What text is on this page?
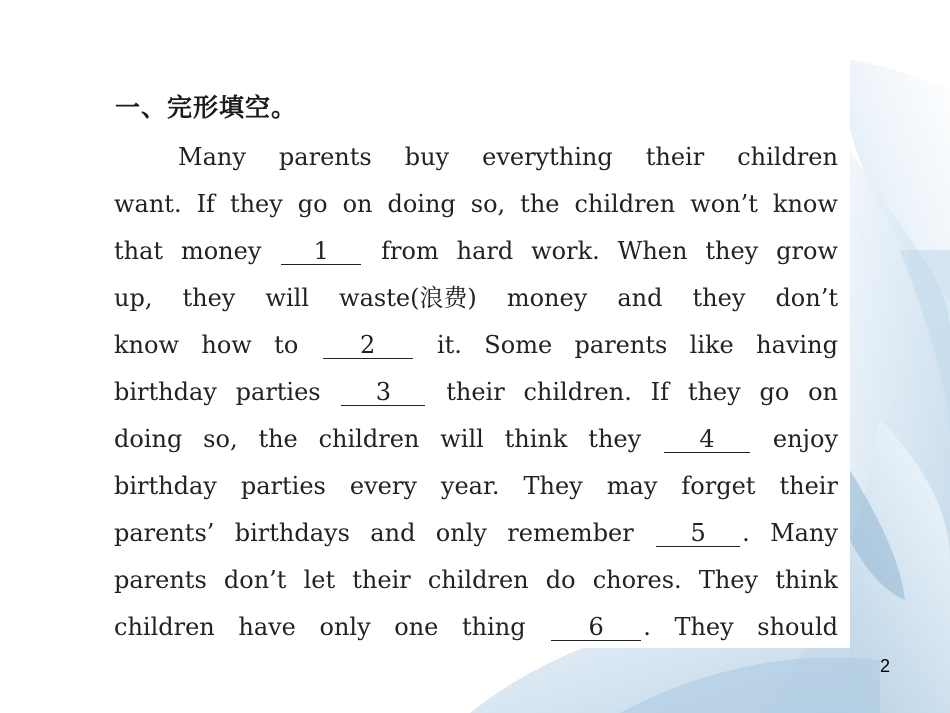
一、完形填空。
Many parents buy everything their children
want. If they go on doing so, the children won’t know
that money	1	from hard work. When they grow
up, they will waste(浪费) money and they don’t
know how to	2	it. Some parents like having
birthday parties	3	their children. If they go on
doing so, the children will think they	4	enjoy
birthday parties every year. They may forget their
parents’ birthdays and only remember	5 . Many
parents don’t let their children do chores. They think
children have only one thing	6 . They should
2
